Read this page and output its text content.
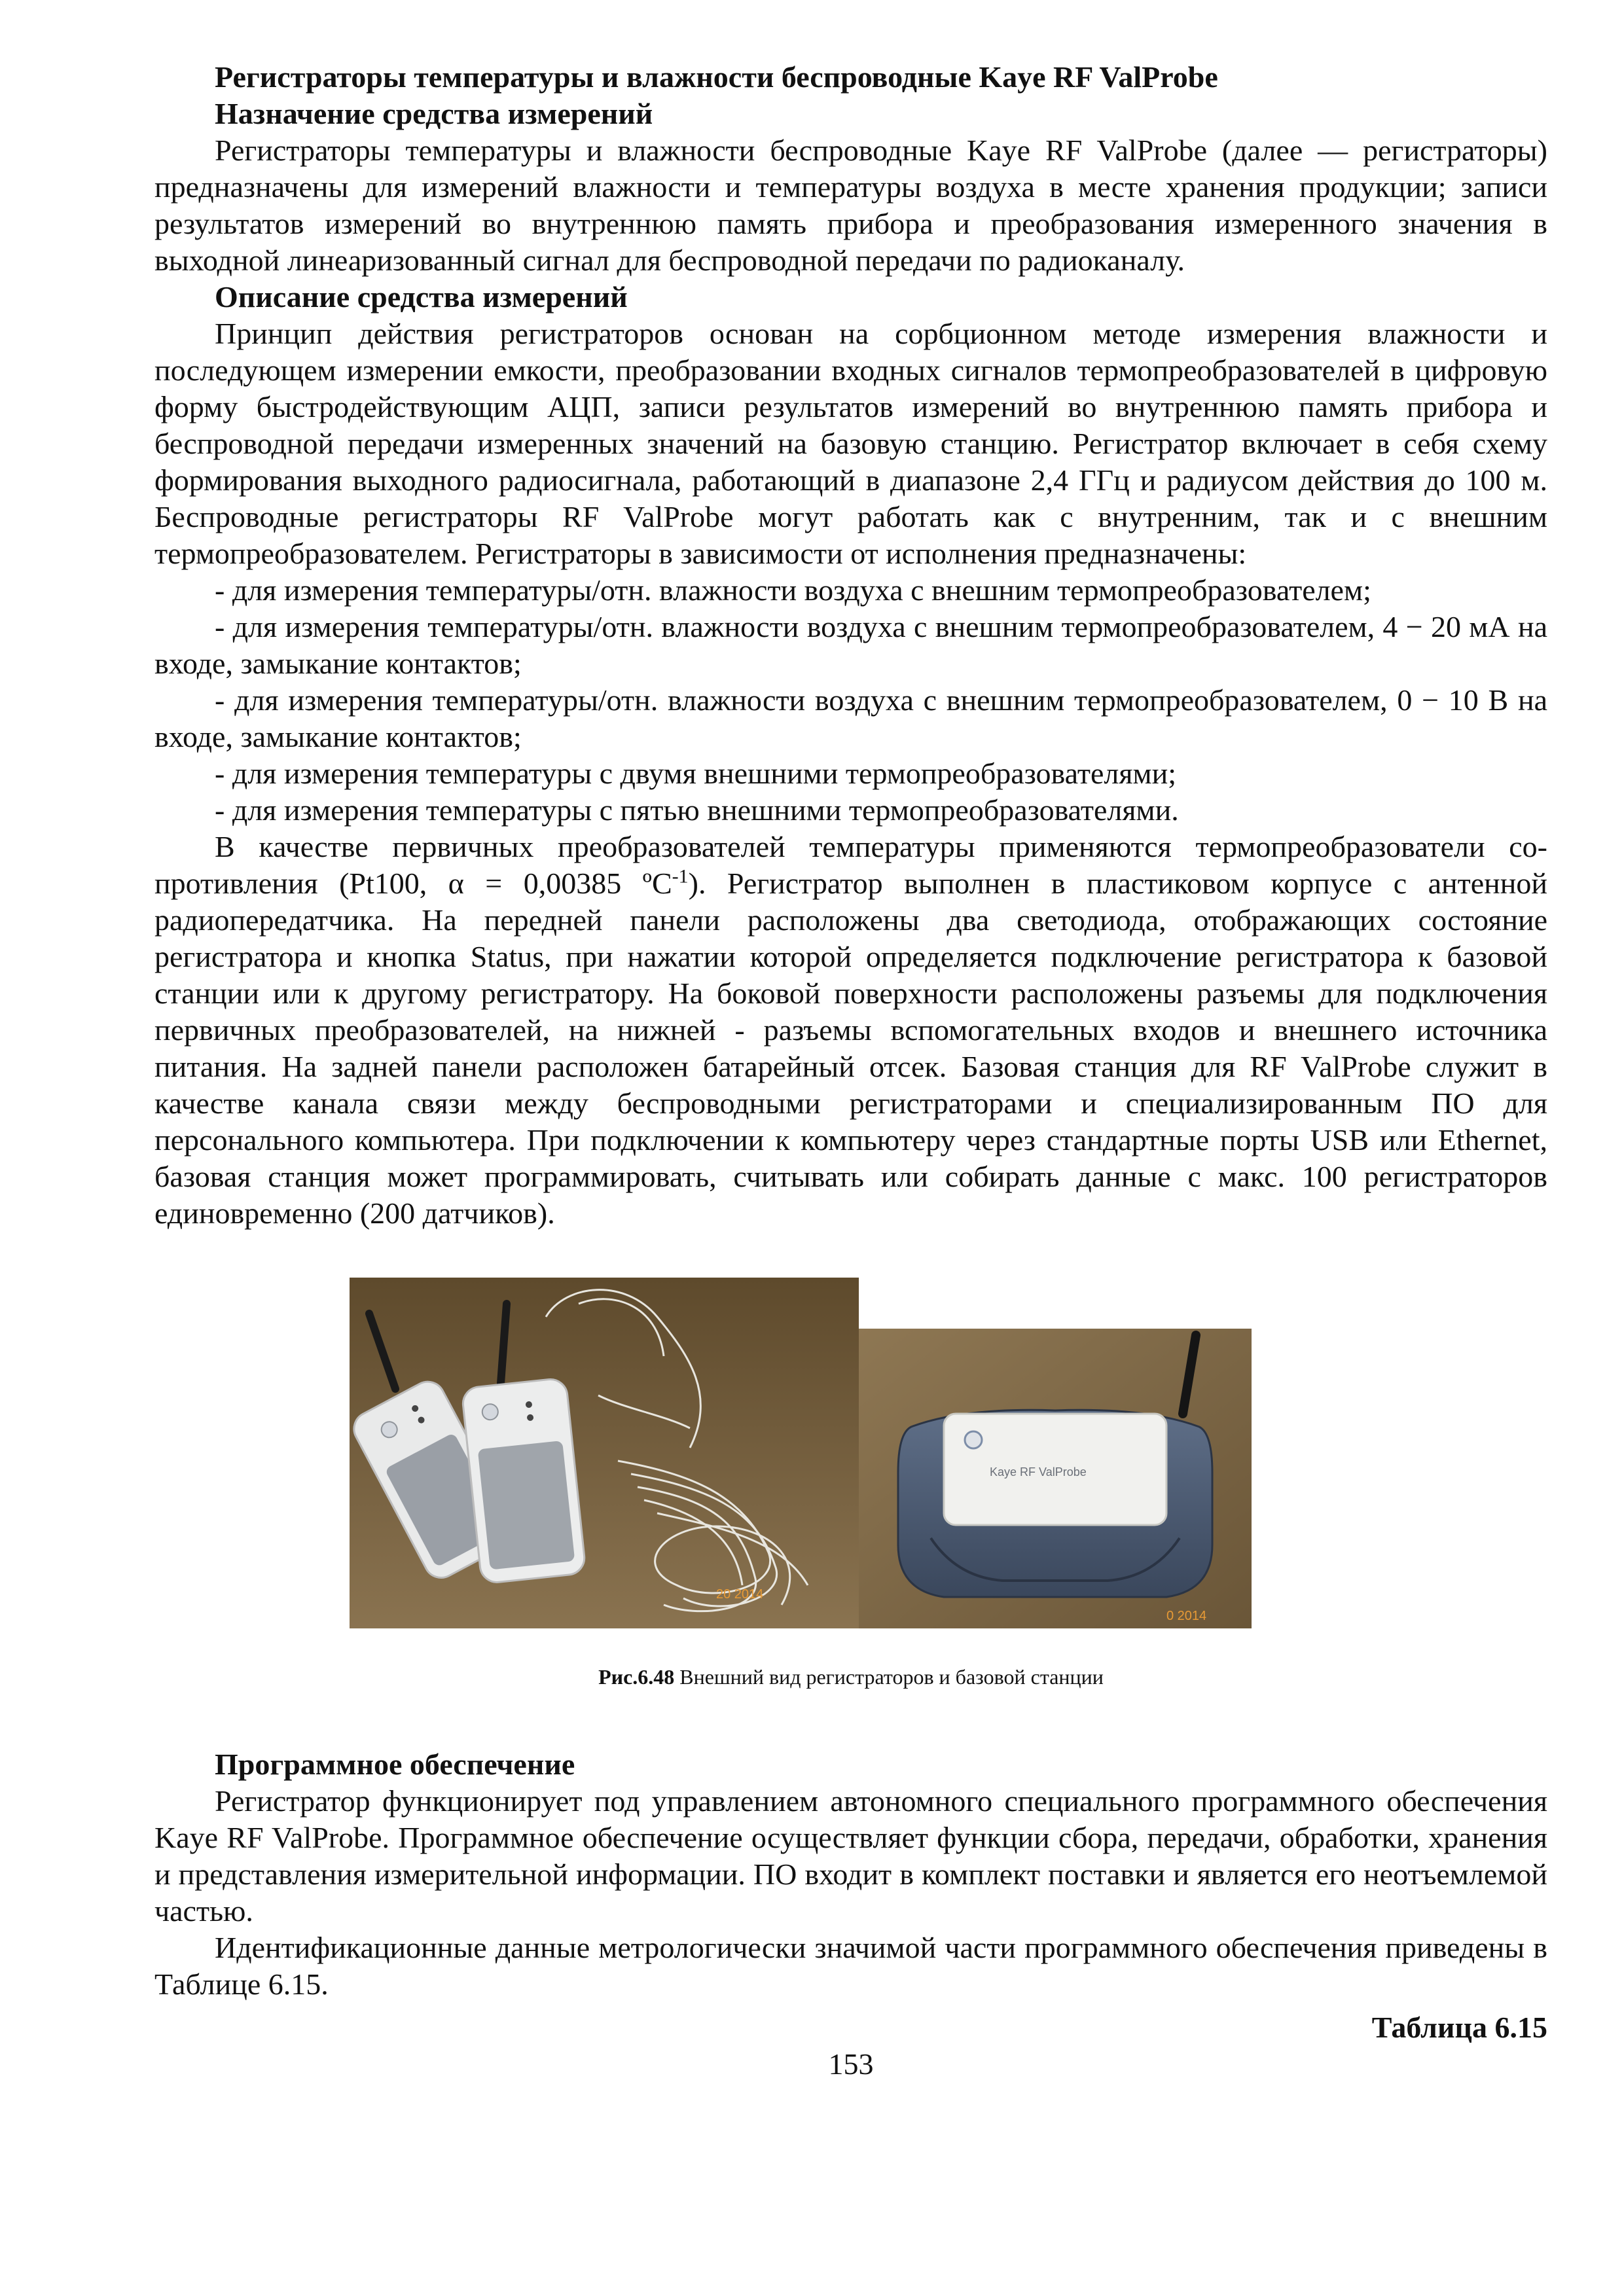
Регистраторы температуры и влажности беспроводные Kaye RF ValProbe

Назначение средства измерений

Регистраторы температуры и влажности беспроводные Kaye RF ValProbe (далее — регистраторы) предназначены для измерений влажности и температуры воздуха в месте хранения продукции; записи результатов измерений во внутреннюю память прибора и преобразования измеренного значения в выходной линеаризованный сигнал для беспроводной передачи по радиоканалу.

Описание средства измерений

Принцип действия регистраторов основан на сорбционном методе измерения влажности и последующем измерении емкости, преобразовании входных сигналов термопреобразователей в цифровую форму быстродействующим АЦП, записи результатов измерений во внутреннюю память прибора и беспроводной передачи измеренных значений на базовую станцию. Регистратор включает в себя схему формирования выходного радиосигнала, работающий в диапазоне 2,4 ГГц и радиусом действия до 100 м. Беспроводные регистраторы RF ValProbe могут работать как с внутренним, так и с внешним термопреобразователем. Регистраторы в зависимости от исполнения предназначены:

- для измерения температуры/отн. влажности воздуха с внешним термопреобразователем;

- для измерения температуры/отн. влажности воздуха с внешним термопреобразователем, 4 − 20 мА на входе, замыкание контактов;

- для измерения температуры/отн. влажности воздуха с внешним термопреобразователем, 0 − 10 В на входе, замыкание контактов;

- для измерения температуры с двумя внешними термопреобразователями;

- для измерения температуры с пятью внешними термопреобразователями.

В качестве первичных преобразователей температуры применяются термопреобразователи со-противления (Pt100, α = 0,00385 ºC$^{-1}$). Регистратор выполнен в пластиковом корпусе с антенной радиопередатчика. На передней панели расположены два светодиода, отображающих состояние регистратора и кнопка Status, при нажатии которой определяется подключение регистратора к базовой станции или к другому регистратору. На боковой поверхности расположены разъемы для подключения первичных преобразователей, на нижней - разъемы вспомогательных входов и внешнего источника питания. На задней панели расположен батарейный отсек. Базовая станция для RF ValProbe служит в качестве канала связи между беспроводными регистраторами и специализированным ПО для персонального компьютера. При подключении к компьютеру через стандартные порты USB или Ethernet, базовая станция может программировать, считывать или собирать данные с макс. 100 регистраторов единовременно (200 датчиков).

20 2014
Kaye RF ValProbe
0 2014

Рис.6.48 Внешний вид регистраторов и базовой станции

Программное обеспечение

Регистратор функционирует под управлением автономного специального программного обеспечения Kaye RF ValProbe. Программное обеспечение осуществляет функции сбора, передачи, обработки, хранения и представления измерительной информации. ПО входит в комплект поставки и является его неотъемлемой частью.

Идентификационные данные метрологически значимой части программного обеспечения приведены в Таблице 6.15.

Таблица 6.15

153
